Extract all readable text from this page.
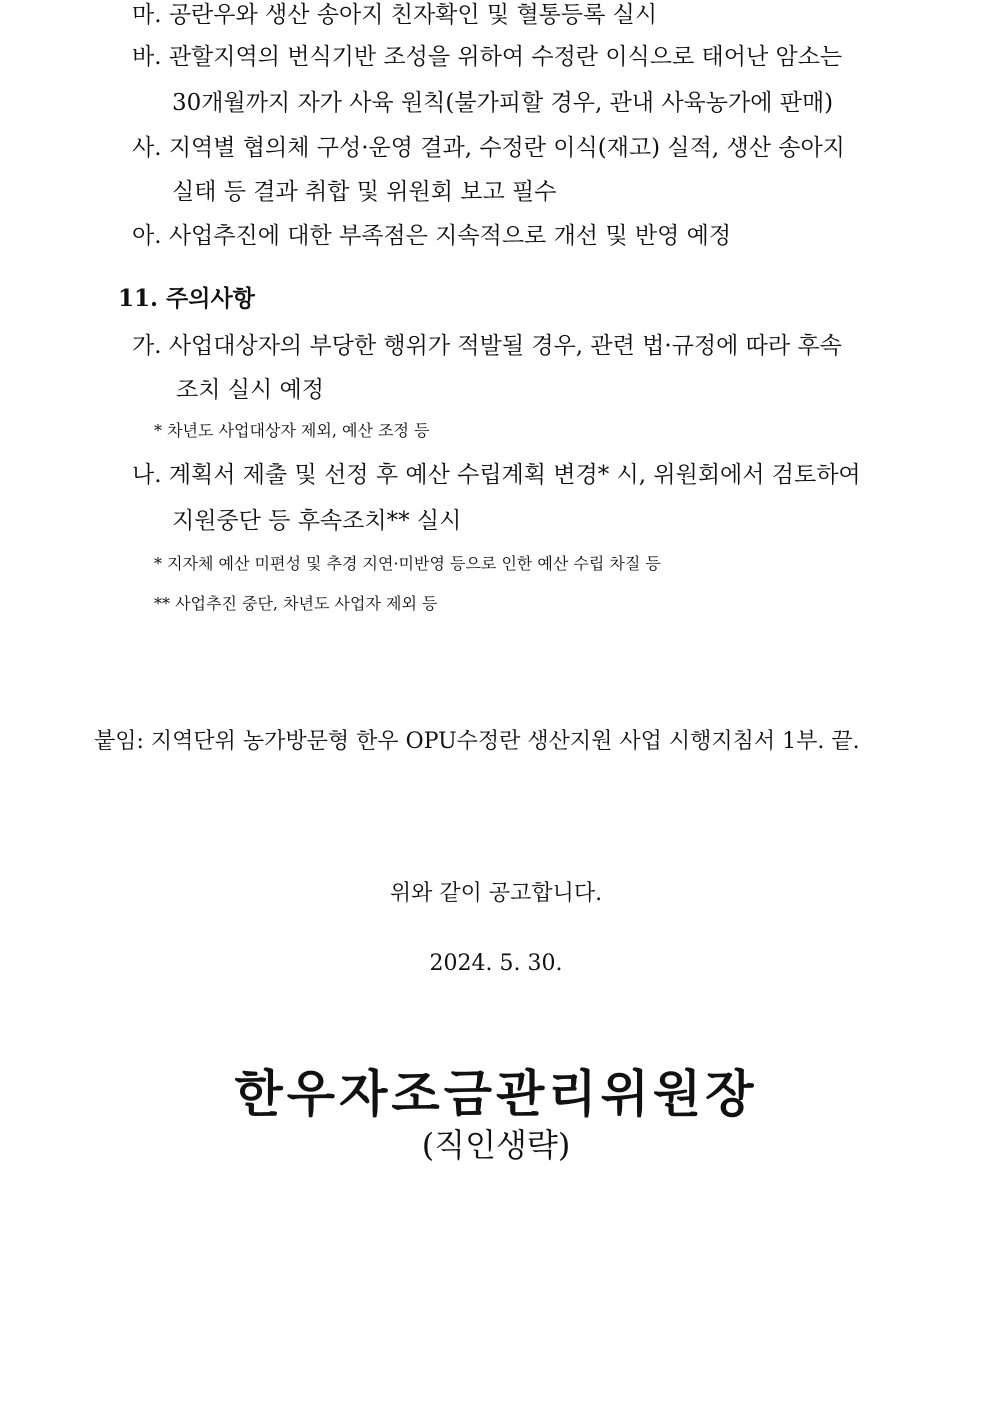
마. 공란우와 생산 송아지 친자확인 및 혈통등록 실시
바. 관할지역의 번식기반 조성을 위하여 수정란 이식으로 태어난 암소는
30개월까지 자가 사육 원칙(불가피할 경우, 관내 사육농가에 판매)
사. 지역별 협의체 구성·운영 결과, 수정란 이식(재고) 실적, 생산 송아지
실태 등 결과 취합 및 위원회 보고 필수
아. 사업추진에 대한 부족점은 지속적으로 개선 및 반영 예정
11. 주의사항
가. 사업대상자의 부당한 행위가 적발될 경우, 관련 법·규정에 따라 후속
조치 실시 예정
* 차년도 사업대상자 제외, 예산 조정 등
나. 계획서 제출 및 선정 후 예산 수립계획 변경* 시, 위원회에서 검토하여
지원중단 등 후속조치** 실시
* 지자체 예산 미편성 및 추경 지연·미반영 등으로 인한 예산 수립 차질 등
** 사업추진 중단, 차년도 사업자 제외 등
붙임: 지역단위 농가방문형 한우 OPU수정란 생산지원 사업 시행지침서 1부. 끝.
위와 같이 공고합니다.
2024. 5. 30.
한우자조금관리위원장
(직인생략)
